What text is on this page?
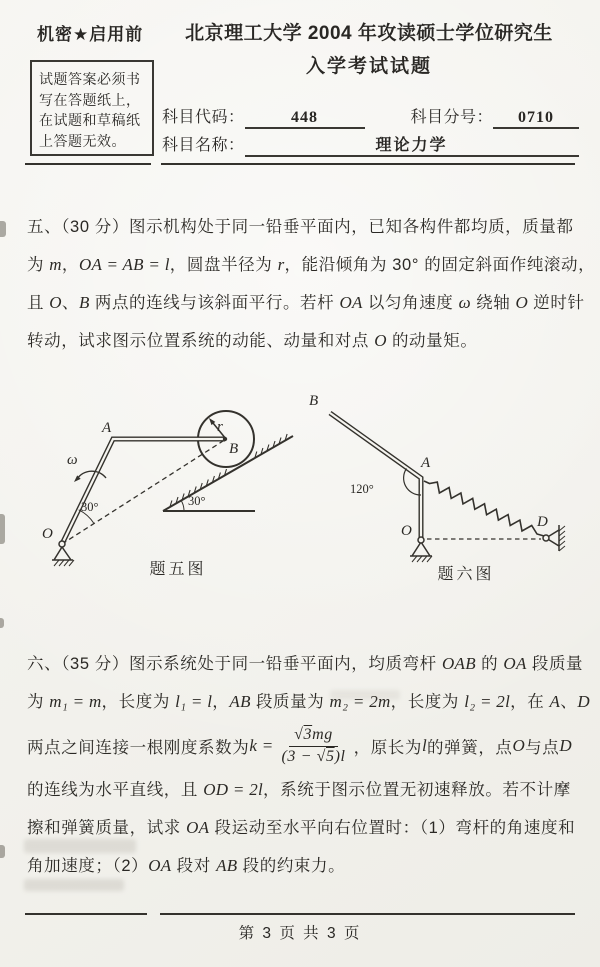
机密★启用前	北京理工大学 2004 年攻读硕士学位研究生
入学考试试题
试题答案必须书写在答题纸上，在试题和草稿纸上答题无效。
科目代码：	448	科目分号： 0710
科目名称：	理论力学
五、（30 分）图示机构处于同一铅垂平面内，已知各构件都均质，质量都
为 m，OA = AB = l，圆盘半径为 r，能沿倾角为 30° 的固定斜面作纯滚动，
且 O、B 两点的连线与该斜面平行。若杆 OA 以匀角速度 ω 绕轴 O 逆时针
转动，试求图示位置系统的动能、动量和对点 O 的动量矩。
30°
r
ω
30°
A
B
O
题五图
120°
B
A
O
D
题六图
六、（35 分）图示系统处于同一铅垂平面内，均质弯杆 OAB 的 OA 段质量
为 m₁ = m，长度为 l₁ = l，AB 段质量为 m₂ = 2m，长度为 l₂ = 2l，在 A、D
两点之间连接一根刚度系数为 $k = \frac{√3mg}{(3 - √5)l}$ ，原长为 l 的弹簧，点 O 与点 D
的连线为水平直线，且 OD = 2l，系统于图示位置无初速释放。若不计摩
擦和弹簧质量，试求 OA 段运动至水平向右位置时：（1）弯杆的角速度和
角加速度；（2）OA 段对 AB 段的约束力。
第 3 页 共 3 页
